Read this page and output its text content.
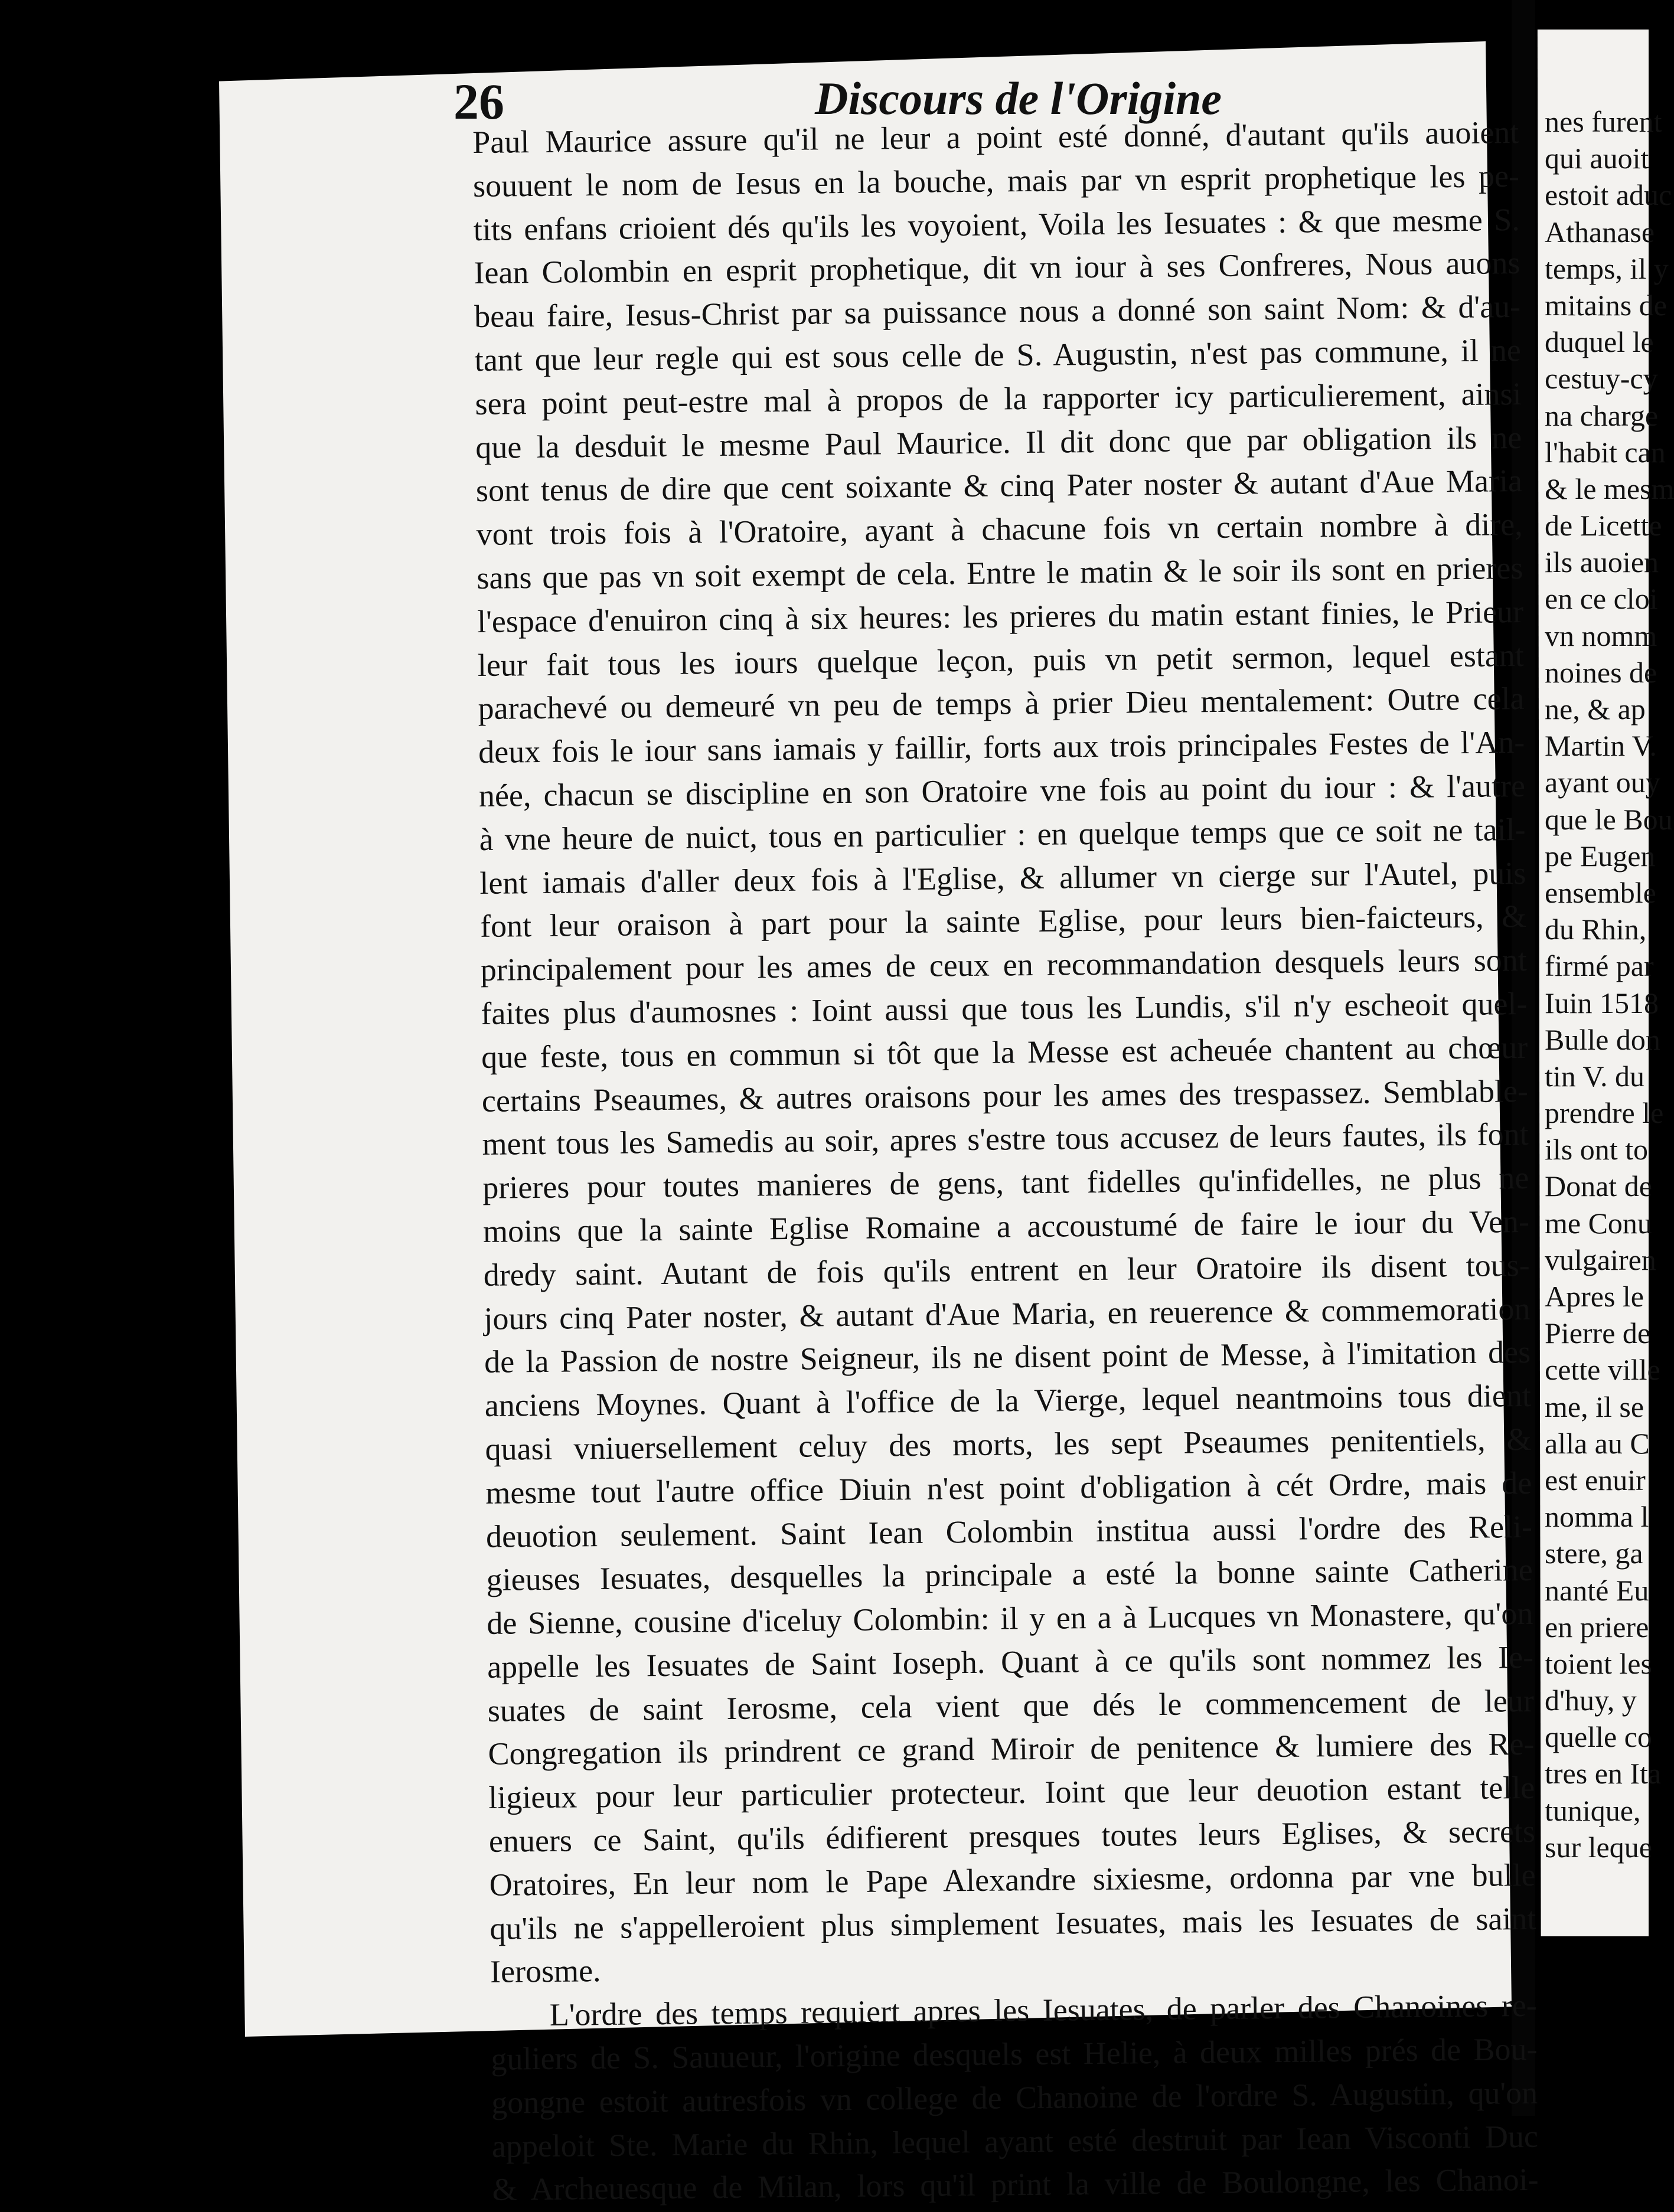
26	Discours de l'Origine
Paul Maurice assure qu'il ne leur a point esté donné, d'autant qu'ils auoient
souuent le nom de Iesus en la bouche, mais par vn esprit prophetique les pe-
tits enfans crioient dés qu'ils les voyoient, Voila les Iesuates : & que mesme S.
Iean Colombin en esprit prophetique, dit vn iour à ses Confreres, Nous auons
beau faire, Iesus-Christ par sa puissance nous a donné son saint Nom: & d'au-
tant que leur regle qui est sous celle de S. Augustin, n'est pas commune, il ne
sera point peut-estre mal à propos de la rapporter icy particulierement, ainsi
que la desduit le mesme Paul Maurice. Il dit donc que par obligation ils ne
sont tenus de dire que cent soixante & cinq Pater noster & autant d'Aue Maria
vont trois fois à l'Oratoire, ayant à chacune fois vn certain nombre à dire,
sans que pas vn soit exempt de cela. Entre le matin & le soir ils sont en prieres
l'espace d'enuiron cinq à six heures: les prieres du matin estant finies, le Prieur
leur fait tous les iours quelque leçon, puis vn petit sermon, lequel estant
parachevé ou demeuré vn peu de temps à prier Dieu mentalement: Outre cela
deux fois le iour sans iamais y faillir, forts aux trois principales Festes de l'An-
née, chacun se discipline en son Oratoire vne fois au point du iour : & l'autre
à vne heure de nuict, tous en particulier : en quelque temps que ce soit ne tail-
lent iamais d'aller deux fois à l'Eglise, & allumer vn cierge sur l'Autel, puis
font leur oraison à part pour la sainte Eglise, pour leurs bien-faicteurs, &
principalement pour les ames de ceux en recommandation desquels leurs sont
faites plus d'aumosnes : Ioint aussi que tous les Lundis, s'il n'y escheoit quel-
que feste, tous en commun si tôt que la Messe est acheuée chantent au chœur
certains Pseaumes, & autres oraisons pour les ames des trespassez. Semblable-
ment tous les Samedis au soir, apres s'estre tous accusez de leurs fautes, ils font
prieres pour toutes manieres de gens, tant fidelles qu'infidelles, ne plus ne
moins que la sainte Eglise Romaine a accoustumé de faire le iour du Ven-
dredy saint. Autant de fois qu'ils entrent en leur Oratoire ils disent tous-
jours cinq Pater noster, & autant d'Aue Maria, en reuerence & commemoration
de la Passion de nostre Seigneur, ils ne disent point de Messe, à l'imitation des
anciens Moynes. Quant à l'office de la Vierge, lequel neantmoins tous dient
quasi vniuersellement celuy des morts, les sept Pseaumes penitentiels, &
mesme tout l'autre office Diuin n'est point d'obligation à cét Ordre, mais de
deuotion seulement. Saint Iean Colombin institua aussi l'ordre des Reli-
gieuses Iesuates, desquelles la principale a esté la bonne sainte Catherine
de Sienne, cousine d'iceluy Colombin: il y en a à Lucques vn Monastere, qu'on
appelle les Iesuates de Saint Ioseph. Quant à ce qu'ils sont nommez les Ie-
suates de saint Ierosme, cela vient que dés le commencement de leur
Congregation ils prindrent ce grand Miroir de penitence & lumiere des Re-
ligieux pour leur particulier protecteur. Ioint que leur deuotion estant telle
enuers ce Saint, qu'ils édifierent presques toutes leurs Eglises, & secrets
Oratoires, En leur nom le Pape Alexandre sixiesme, ordonna par vne bulle
qu'ils ne s'appelleroient plus simplement Iesuates, mais les Iesuates de saint
Ierosme.
L'ordre des temps requiert apres les Iesuates, de parler des Chanoines re-
guliers de S. Sauueur, l'origine desquels est Helie, à deux milles prés de Bou-
gongne estoit autresfois vn college de Chanoine de l'ordre S. Augustin, qu'on
appeloit Ste. Marie du Rhin, lequel ayant esté destruit par Iean Visconti Duc
& Archeuesque de Milan, lors qu'il print la ville de Boulongne, les Chanoi-
nes furent
qui auoit
estoit aduc
Athanase
temps, il y
mitains de
duquel le
cestuy-cy
na charge
l'habit can
& le mesm
de Licette
ils auoien
en ce cloi
vn nomm
noines de
ne, & ap
Martin V.
ayant ouy
que le Bou
pe Eugen
ensemble
du Rhin,
firmé par
Iuin 1518
Bulle don
tin V. du
prendre le
ils ont to
Donat de
me Conu
vulgairen
Apres le
Pierre de
cette ville
me, il se
alla au C
est enuir
nomma l
stere, ga
nanté Eu
en priere
toient les
d'huy, y
quelle co
tres en Ita
tunique,
sur leque
